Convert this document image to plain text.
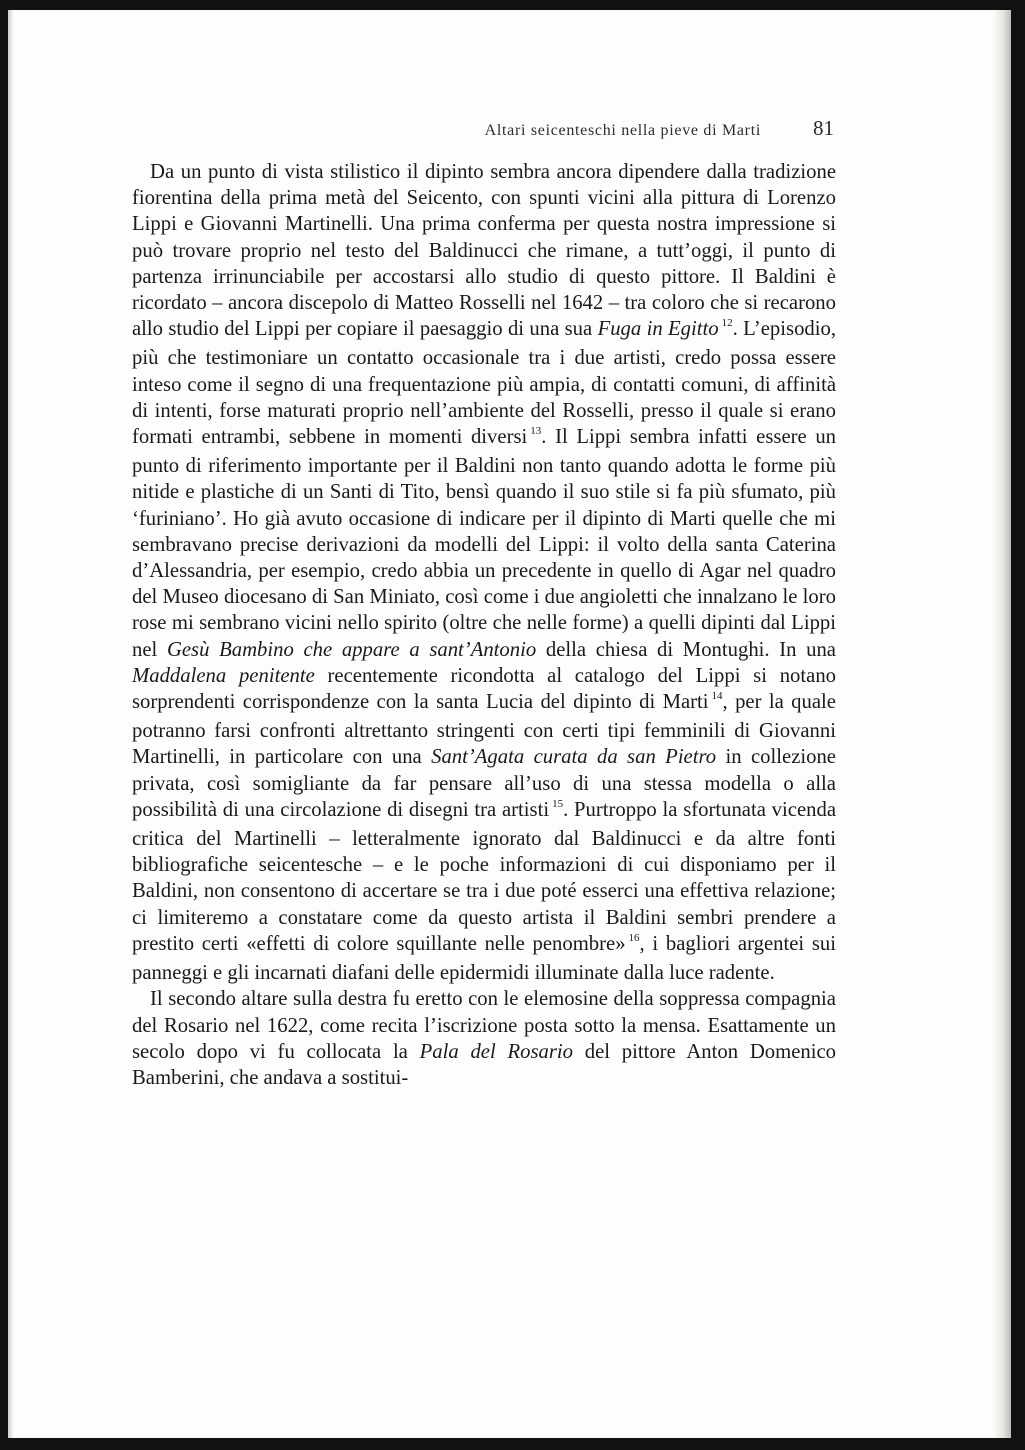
Altari seicenteschi nella pieve di Marti 81

Da un punto di vista stilistico il dipinto sembra ancora dipendere dalla tradizione fiorentina della prima metà del Seicento, con spunti vicini alla pittura di Lorenzo Lippi e Giovanni Martinelli. Una prima conferma per questa nostra impressione si può trovare proprio nel testo del Baldinucci che rimane, a tutt’oggi, il punto di partenza irrinunciabile per accostarsi allo studio di questo pittore. Il Baldini è ricordato – ancora discepolo di Matteo Rosselli nel 1642 – tra coloro che si recarono allo studio del Lippi per copiare il paesaggio di una sua Fuga in Egitto $^{12}$. L’episodio, più che testimoniare un contatto occasionale tra i due artisti, credo possa essere inteso come il segno di una frequentazione più ampia, di contatti comuni, di affinità di intenti, forse maturati proprio nell’ambiente del Rosselli, presso il quale si erano formati entrambi, sebbene in momenti diversi $^{13}$. Il Lippi sembra infatti essere un punto di riferimento importante per il Baldini non tanto quando adotta le forme più nitide e plastiche di un Santi di Tito, bensì quando il suo stile si fa più sfumato, più ‘furiniano’. Ho già avuto occasione di indicare per il dipinto di Marti quelle che mi sembravano precise derivazioni da modelli del Lippi: il volto della santa Caterina d’Alessandria, per esempio, credo abbia un precedente in quello di Agar nel quadro del Museo diocesano di San Miniato, così come i due angioletti che innalzano le loro rose mi sembrano vicini nello spirito (oltre che nelle forme) a quelli dipinti dal Lippi nel Gesù Bambino che appare a sant’Antonio della chiesa di Montughi. In una Maddalena penitente recentemente ricondotta al catalogo del Lippi si notano sorprendenti corrispondenze con la santa Lucia del dipinto di Marti $^{14}$, per la quale potranno farsi confronti altrettanto stringenti con certi tipi femminili di Giovanni Martinelli, in particolare con una Sant’Agata curata da san Pietro in collezione privata, così somigliante da far pensare all’uso di una stessa modella o alla possibilità di una circolazione di disegni tra artisti $^{15}$. Purtroppo la sfortunata vicenda critica del Martinelli – letteralmente ignorato dal Baldinucci e da altre fonti bibliografiche seicentesche – e le poche informazioni di cui disponiamo per il Baldini, non consentono di accertare se tra i due poté esserci una effettiva relazione; ci limiteremo a constatare come da questo artista il Baldini sembri prendere a prestito certi «effetti di colore squillante nelle penombre» $^{16}$, i bagliori argentei sui panneggi e gli incarnati diafani delle epidermidi illuminate dalla luce radente.

Il secondo altare sulla destra fu eretto con le elemosine della soppressa compagnia del Rosario nel 1622, come recita l’iscrizione posta sotto la mensa. Esattamente un secolo dopo vi fu collocata la Pala del Rosario del pittore Anton Domenico Bamberini, che andava a sostitui-
